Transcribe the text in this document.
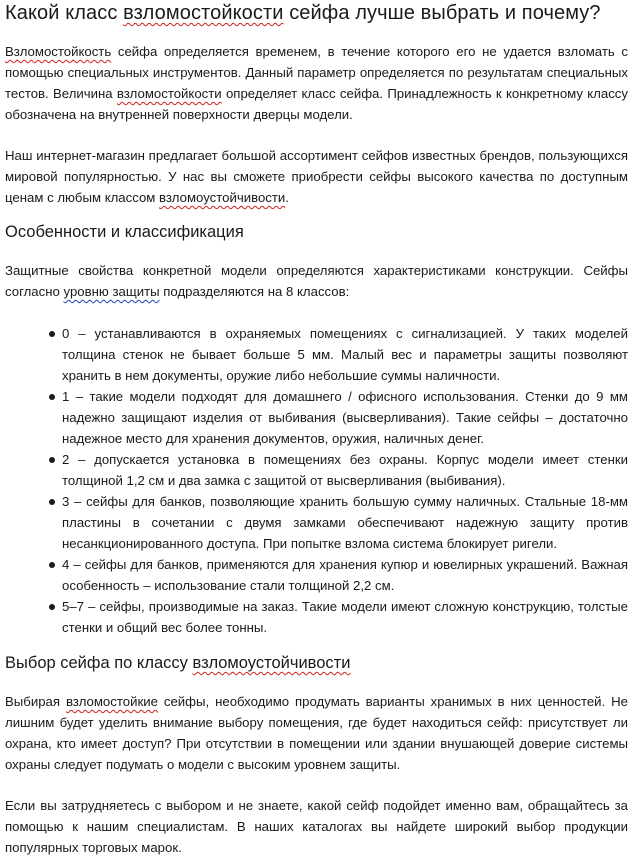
Какой класс взломостойкости сейфа лучше выбрать и почему?

Взломостойкость сейфа определяется временем, в течение которого его не удается взломать с помощью специальных инструментов. Данный параметр определяется по результатам специальных тестов. Величина взломостойкости определяет класс сейфа. Принадлежность к конкретному классу обозначена на внутренней поверхности дверцы модели.

Наш интернет-магазин предлагает большой ассортимент сейфов известных брендов, пользующихся мировой популярностью. У нас вы сможете приобрести сейфы высокого качества по доступным ценам с любым классом взломоустойчивости.

Особенности и классификация

Защитные свойства конкретной модели определяются характеристиками конструкции. Сейфы согласно уровню защиты подразделяются на 8 классов:

0 – устанавливаются в охраняемых помещениях с сигнализацией. У таких моделей толщина стенок не бывает больше 5 мм. Малый вес и параметры защиты позволяют хранить в нем документы, оружие либо небольшие суммы наличности.
1 – такие модели подходят для домашнего / офисного использования. Стенки до 9 мм надежно защищают изделия от выбивания (высверливания). Такие сейфы – достаточно надежное место для хранения документов, оружия, наличных денег.
2 – допускается установка в помещениях без охраны. Корпус модели имеет стенки толщиной 1,2 см и два замка с защитой от высверливания (выбивания).
3 – сейфы для банков, позволяющие хранить большую сумму наличных. Стальные 18-мм пластины в сочетании с двумя замками обеспечивают надежную защиту против несанкционированного доступа. При попытке взлома система блокирует ригели.
4 – сейфы для банков, применяются для хранения купюр и ювелирных украшений. Важная особенность – использование стали толщиной 2,2 см.
5–7 – сейфы, производимые на заказ. Такие модели имеют сложную конструкцию, толстые стенки и общий вес более тонны.
Выбор сейфа по классу взломоустойчивости

Выбирая взломостойкие сейфы, необходимо продумать варианты хранимых в них ценностей. Не лишним будет уделить внимание выбору помещения, где будет находиться сейф: присутствует ли охрана, кто имеет доступ? При отсутствии в помещении или здании внушающей доверие системы охраны следует подумать о модели с высоким уровнем защиты.

Если вы затрудняетесь с выбором и не знаете, какой сейф подойдет именно вам, обращайтесь за помощью к нашим специалистам. В наших каталогах вы найдете широкий выбор продукции популярных торговых марок.
